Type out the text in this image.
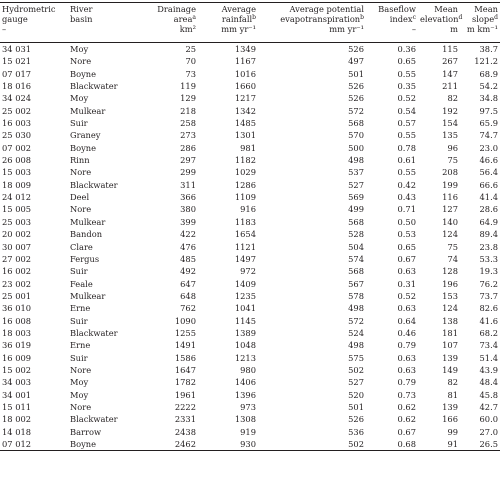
Hydrometric
gauge
–	River
basin	Drainage
area$^a$
km²	Average
rainfall$^b$
mm yr⁻¹	Average potential
evapotranspiration$^b$
mm yr⁻¹	Baseflow
index$^c$
–	Mean
elevation$^d$
m	Mean
slope$^d$
m km⁻¹

34 031	Moy	25	1349	526	0.36	115	38.7
15 021	Nore	70	1167	497	0.65	267	121.2
07 017	Boyne	73	1016	501	0.55	147	68.9
18 016	Blackwater	119	1660	526	0.35	211	54.2
34 024	Moy	129	1217	526	0.52	82	34.8
25 002	Mulkear	218	1342	572	0.54	192	97.5
16 003	Suir	258	1485	568	0.57	154	65.9
25 030	Graney	273	1301	570	0.55	135	74.7
07 002	Boyne	286	981	500	0.78	96	23.0
26 008	Rinn	297	1182	498	0.61	75	46.6
15 003	Nore	299	1029	537	0.55	208	56.4
18 009	Blackwater	311	1286	527	0.42	199	66.6
24 012	Deel	366	1109	569	0.43	116	41.4
15 005	Nore	380	916	499	0.71	127	28.6
25 003	Mulkear	399	1183	568	0.50	140	64.9
20 002	Bandon	422	1654	528	0.53	124	89.4
30 007	Clare	476	1121	504	0.65	75	23.8
27 002	Fergus	485	1497	574	0.67	74	53.3
16 002	Suir	492	972	568	0.63	128	19.3
23 002	Feale	647	1409	567	0.31	196	76.2
25 001	Mulkear	648	1235	578	0.52	153	73.7
36 010	Erne	762	1041	498	0.63	124	82.6
16 008	Suir	1090	1145	572	0.64	138	41.6
18 003	Blackwater	1255	1389	524	0.46	181	68.2
36 019	Erne	1491	1048	498	0.79	107	73.4
16 009	Suir	1586	1213	575	0.63	139	51.4
15 002	Nore	1647	980	502	0.63	149	43.9
34 003	Moy	1782	1406	527	0.79	82	48.4
34 001	Moy	1961	1396	520	0.73	81	45.8
15 011	Nore	2222	973	501	0.62	139	42.7
18 002	Blackwater	2331	1308	526	0.62	166	60.0
14 018	Barrow	2438	919	536	0.67	99	27.0
07 012	Boyne	2462	930	502	0.68	91	26.5
